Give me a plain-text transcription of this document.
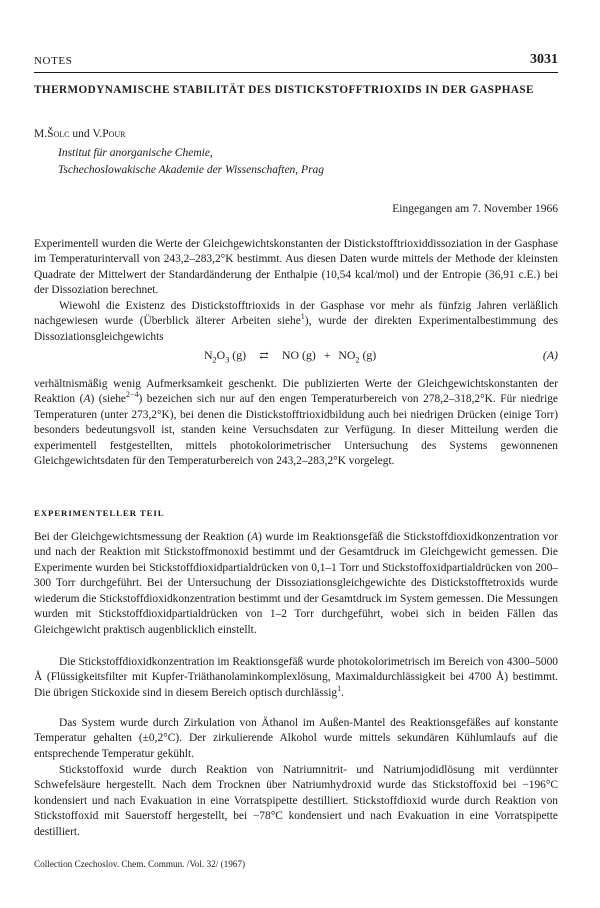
NOTES	3031
THERMODYNAMISCHE STABILITÄT DES DISTICKSTOFFTRIOXIDS IN DER GASPHASE
M.Šolc und V.Pour
Institut für anorganische Chemie,
Tschechoslowakische Akademie der Wissenschaften, Prag
Eingegangen am 7. November 1966

Experimentell wurden die Werte der Gleichgewichtskonstanten der Distickstofftrioxiddissoziation in der Gasphase im Temperaturintervall von 243,2–283,2°K bestimmt. Aus diesen Daten wurde mittels der Methode der kleinsten Quadrate der Mittelwert der Standardänderung der Enthalpie (10,54 kcal/mol) und der Entropie (36,91 c.E.) bei der Dissoziation berechnet.

Wiewohl die Existenz des Distickstofftrioxids in der Gasphase vor mehr als fünfzig Jahren verläßlich nachgewiesen wurde (Überblick älterer Arbeiten siehe$^1$), wurde der direkten Experimentalbestimmung des Dissoziationsgleichgewichts

$N_2O_3$ (g) ⇄ NO $(g) + NO_2$ (g)	(A)

verhältnismäßig wenig Aufmerksamkeit geschenkt. Die publizierten Werte der Gleichgewichtskonstanten der Reaktion (A) (siehe$^{2-4}$) bezeichen sich nur auf den engen Temperaturbereich von 278,2–318,2°K. Für niedrige Temperaturen (unter 273,2°K), bei denen die Distickstofftrioxidbildung auch bei niedrigen Drücken (einige Torr) besonders bedeutungsvoll ist, standen keine Versuchsdaten zur Verfügung. In dieser Mitteilung werden die experimentell festgestellten, mittels photokolorimetrischer Untersuchung des Systems gewonnenen Gleichgewichtsdaten für den Temperaturbereich von 243,2–283,2°K vorgelegt.

EXPERIMENTELLER TEIL

Bei der Gleichgewichtsmessung der Reaktion (A) wurde im Reaktionsgefäß die Stickstoffdioxidkonzentration vor und nach der Reaktion mit Stickstoffmonoxid bestimmt und der Gesamtdruck im Gleichgewicht gemessen. Die Experimente wurden bei Stickstoffdioxidpartialdrücken von 0,1–1 Torr und Stickstoffoxidpartialdrücken von 200–300 Torr durchgeführt. Bei der Untersuchung der Dissoziationsgleichgewichte des Distickstofftetroxids wurde wiederum die Stickstoffdioxidkonzentration bestimmt und der Gesamtdruck im System gemessen. Die Messungen wurden mit Stickstoffdioxidpartialdrücken von 1–2 Torr durchgeführt, wobei sich in beiden Fällen das Gleichgewicht praktisch augenblicklich einstellt.

Die Stickstoffdioxidkonzentration im Reaktionsgefäß wurde photokolorimetrisch im Bereich von 4300–5000 Å (Flüssigkeitsfilter mit Kupfer-Triäthanolaminkomplexlösung, Maximaldurchlässigkeit bei 4700 Å) bestimmt. Die übrigen Stickoxide sind in diesem Bereich optisch durchlässig$^1$.

Das System wurde durch Zirkulation von Äthanol im Außen-Mantel des Reaktionsgefäßes auf konstante Temperatur gehalten (±0,2°C). Der zirkulierende Alkohol wurde mittels sekundären Kühlumlaufs auf die entsprechende Temperatur gekühlt.

Stickstoffoxid wurde durch Reaktion von Natriumnitrit- und Natriumjodidlösung mit verdünnter Schwefelsäure hergestellt. Nach dem Trocknen über Natriumhydroxid wurde das Stickstoffoxid bei −196°C kondensiert und nach Evakuation in eine Vorratspipette destilliert. Stickstoffdioxid wurde durch Reaktion von Stickstoffoxid mit Sauerstoff hergestellt, bei −78°C kondensiert und nach Evakuation in eine Vorratspipette destilliert.

Collection Czechoslov. Chem. Commun. /Vol. 32/ (1967)
